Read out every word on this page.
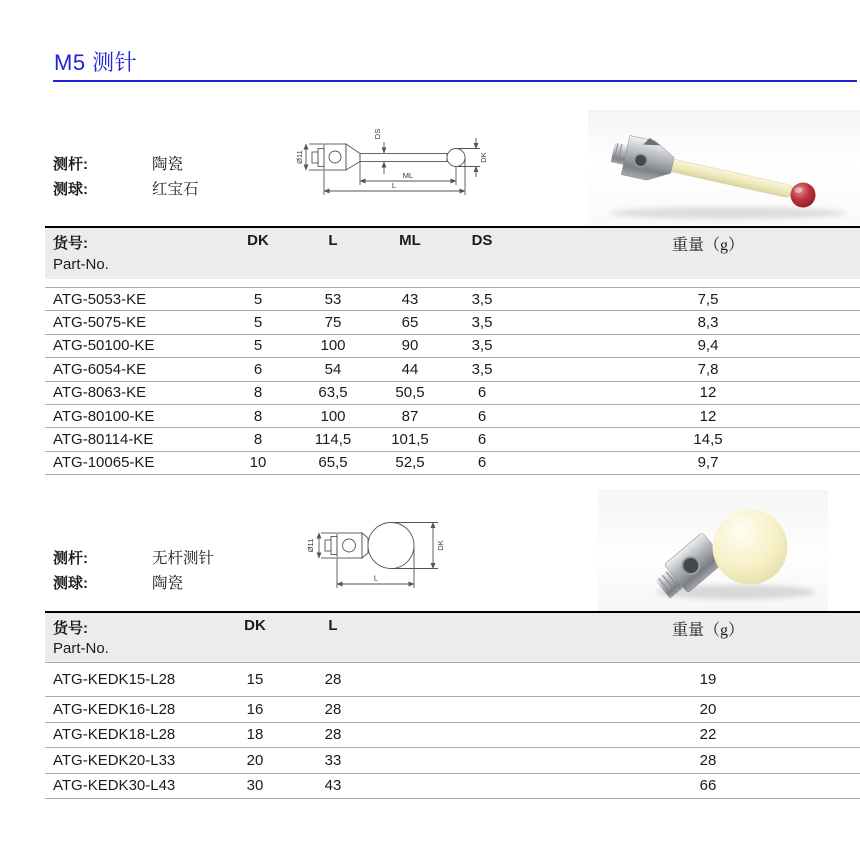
M5 测针
测杆:	陶瓷
测球:	红宝石
Ø11
DS
DK
ML
L
货号:
Part-No.
DK	L	ML	DS	重量（g）
ATG-5053-KE	5	53	43	3,5	7,5
ATG-5075-KE	5	75	65	3,5	8,3
ATG-50100-KE	5	100	90	3,5	9,4
ATG-6054-KE	6	54	44	3,5	7,8
ATG-8063-KE	8	63,5	50,5	6	12
ATG-80100-KE	8	100	87	6	12
ATG-80114-KE	8	114,5	101,5	6	14,5
ATG-10065-KE	10	65,5	52,5	6	9,7
测杆:	无杆测针
测球:	陶瓷
Ø11	DK
L
货号:
Part-No.
DK	L	重量（g）
ATG-KEDK15-L28	15	28	19
ATG-KEDK16-L28	16	28	20
ATG-KEDK18-L28	18	28	22
ATG-KEDK20-L33	20	33	28
ATG-KEDK30-L43	30	43	66
